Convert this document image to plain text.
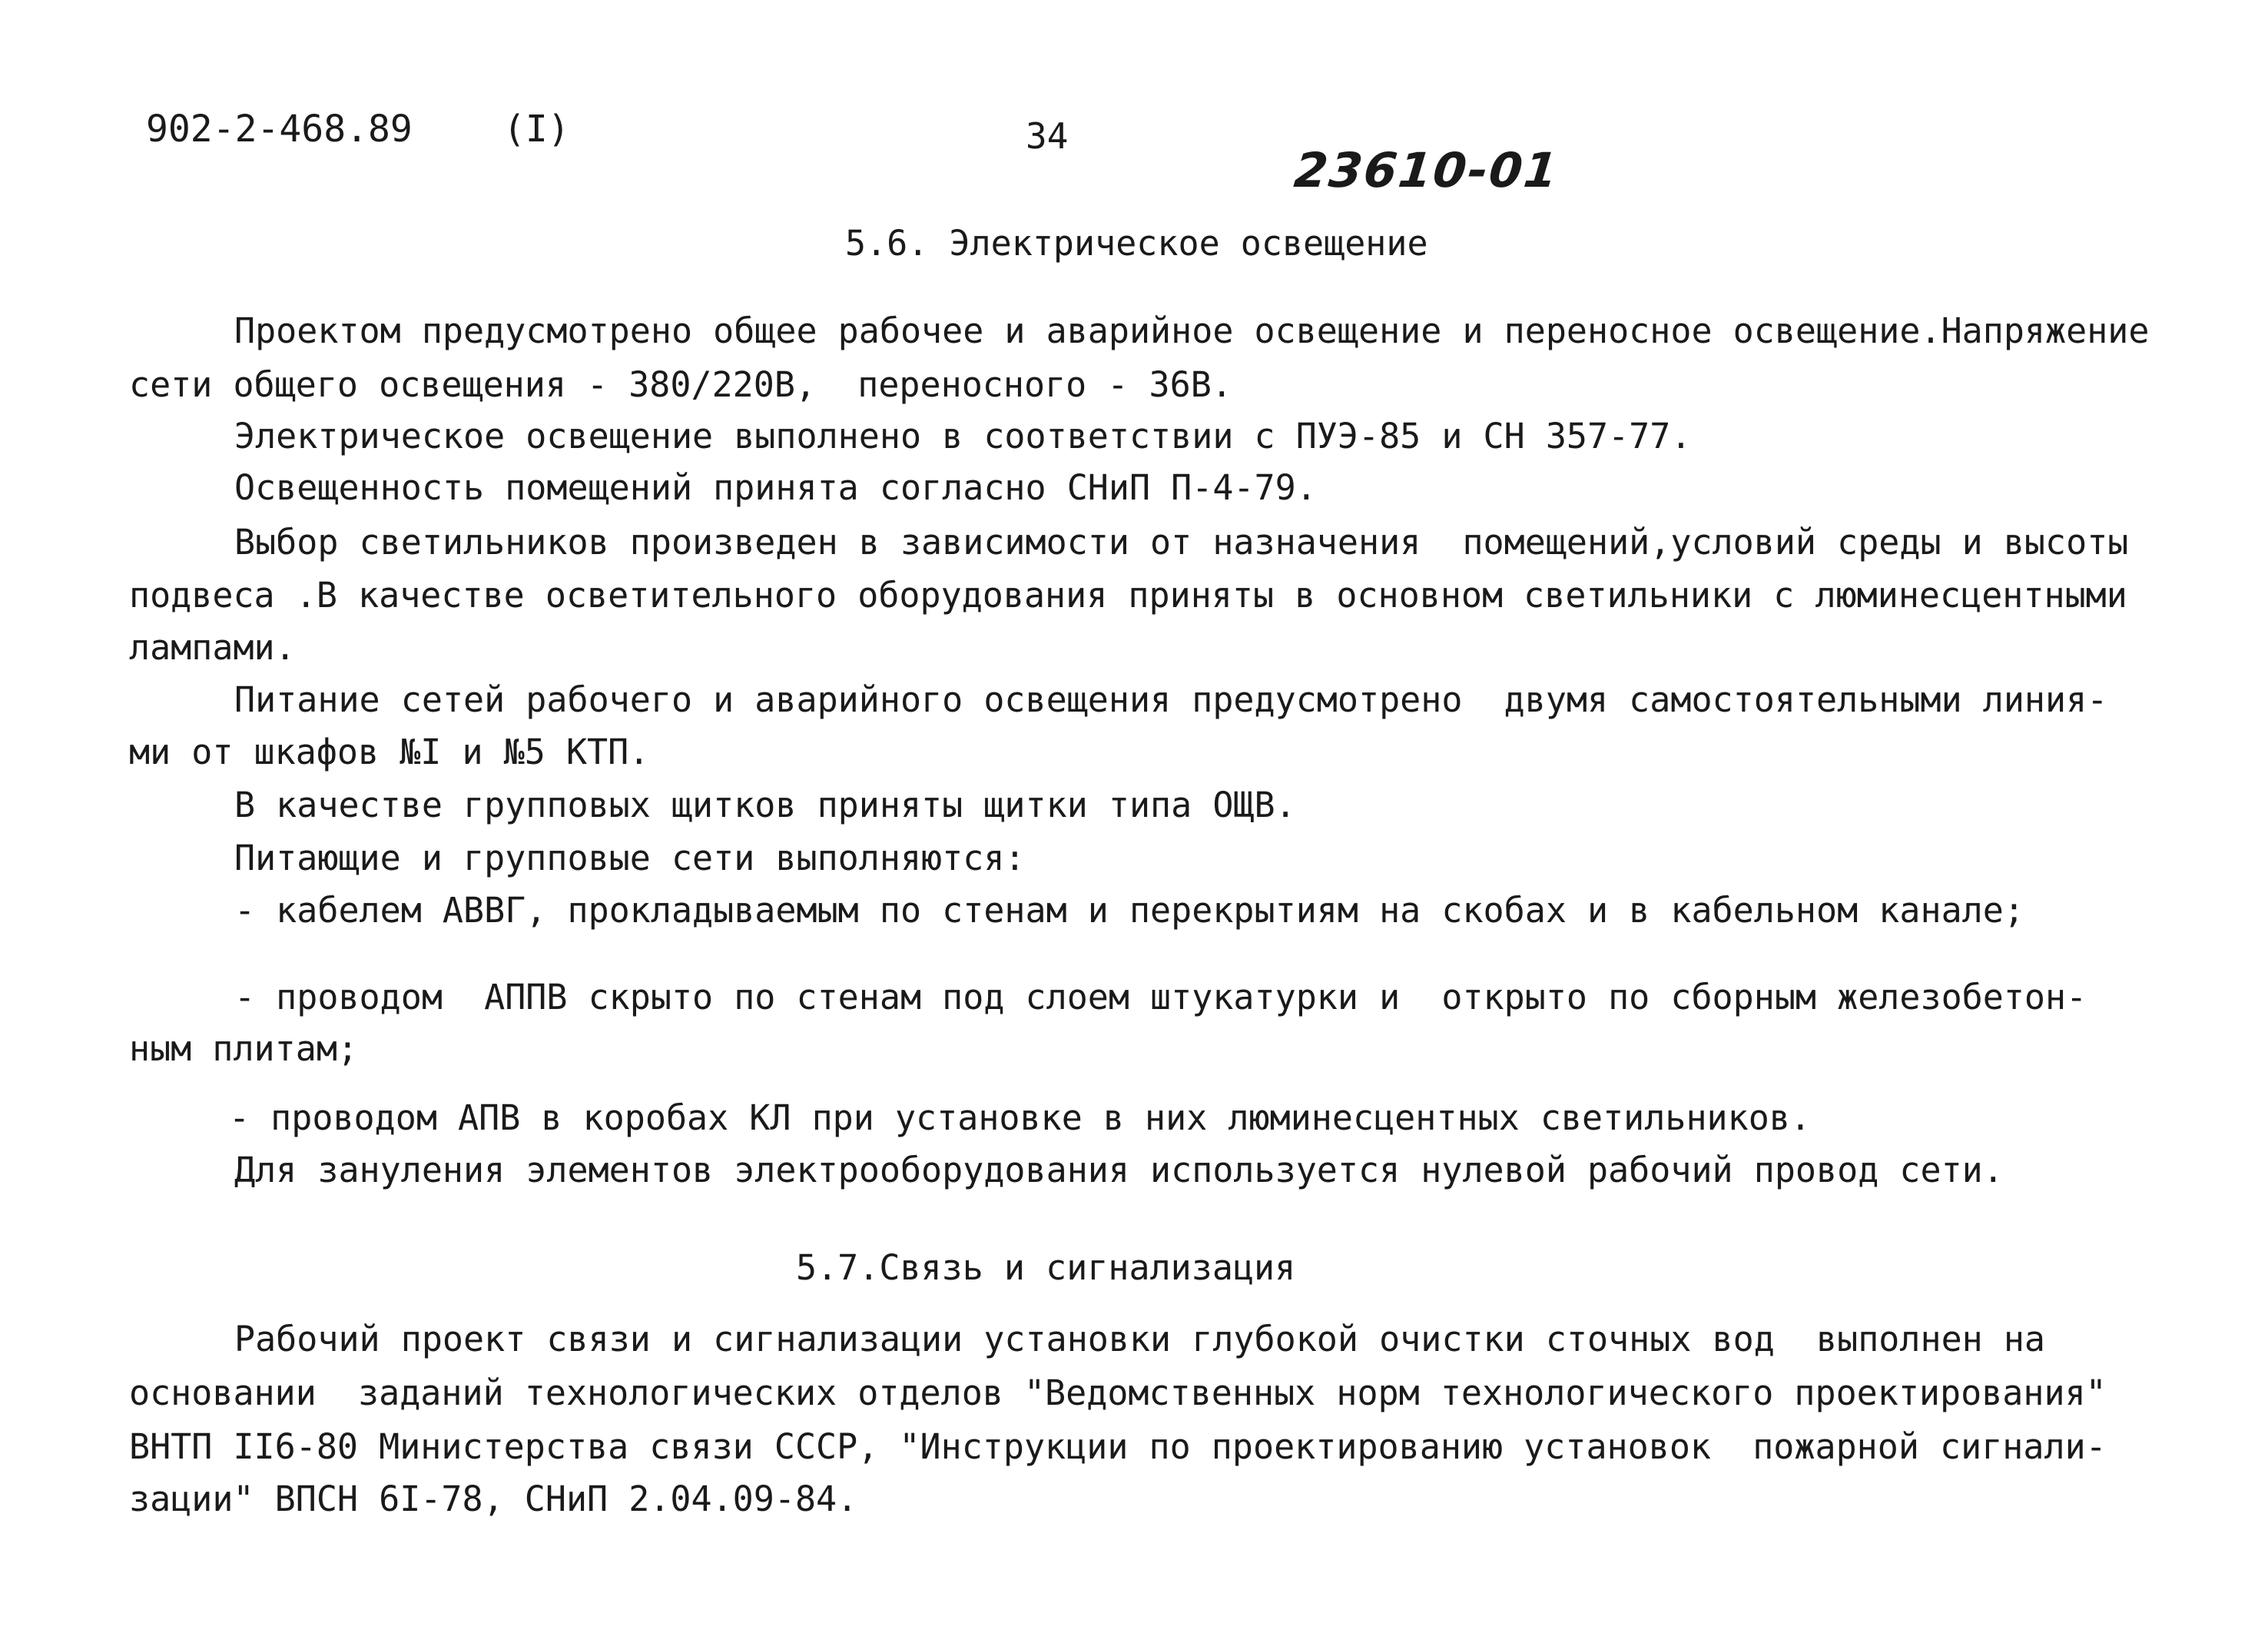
902-2-468.89 (I)	34
23610-01
5.6. Электрическое освещение
Проектом предусмотрено общее рабочее и аварийное освещение и переносное освещение.Напряжение
сети общего освещения - 380/220В,  переносного - 36В.
Электрическое освещение выполнено в соответствии с ПУЭ-85 и СН 357-77.
Освещенность помещений принята согласно СНиП П-4-79.
Выбор светильников произведен в зависимости от назначения  помещений,условий среды и высоты
подвеса .В качестве осветительного оборудования приняты в основном светильники с люминесцентными
лампами.
Питание сетей рабочего и аварийного освещения предусмотрено  двумя самостоятельными линия-
ми от шкафов №I и №5 КТП.
В качестве групповых щитков приняты щитки типа ОЩВ.
Питающие и групповые сети выполняются:
- кабелем АВВГ, прокладываемым по стенам и перекрытиям на скобах и в кабельном канале;
- проводом  АППВ скрыто по стенам под слоем штукатурки и  открыто по сборным железобетон-
ным плитам;
- проводом АПВ в коробах КЛ при установке в них люминесцентных светильников.
Для зануления элементов электрооборудования используется нулевой рабочий провод сети.
5.7.Связь и сигнализация
Рабочий проект связи и сигнализации установки глубокой очистки сточных вод  выполнен на
основании  заданий технологических отделов "Ведомственных норм технологического проектирования"
ВНТП II6-80 Министерства связи СССР, "Инструкции по проектированию установок  пожарной сигнали-
зации" ВПСН 6I-78, СНиП 2.04.09-84.
